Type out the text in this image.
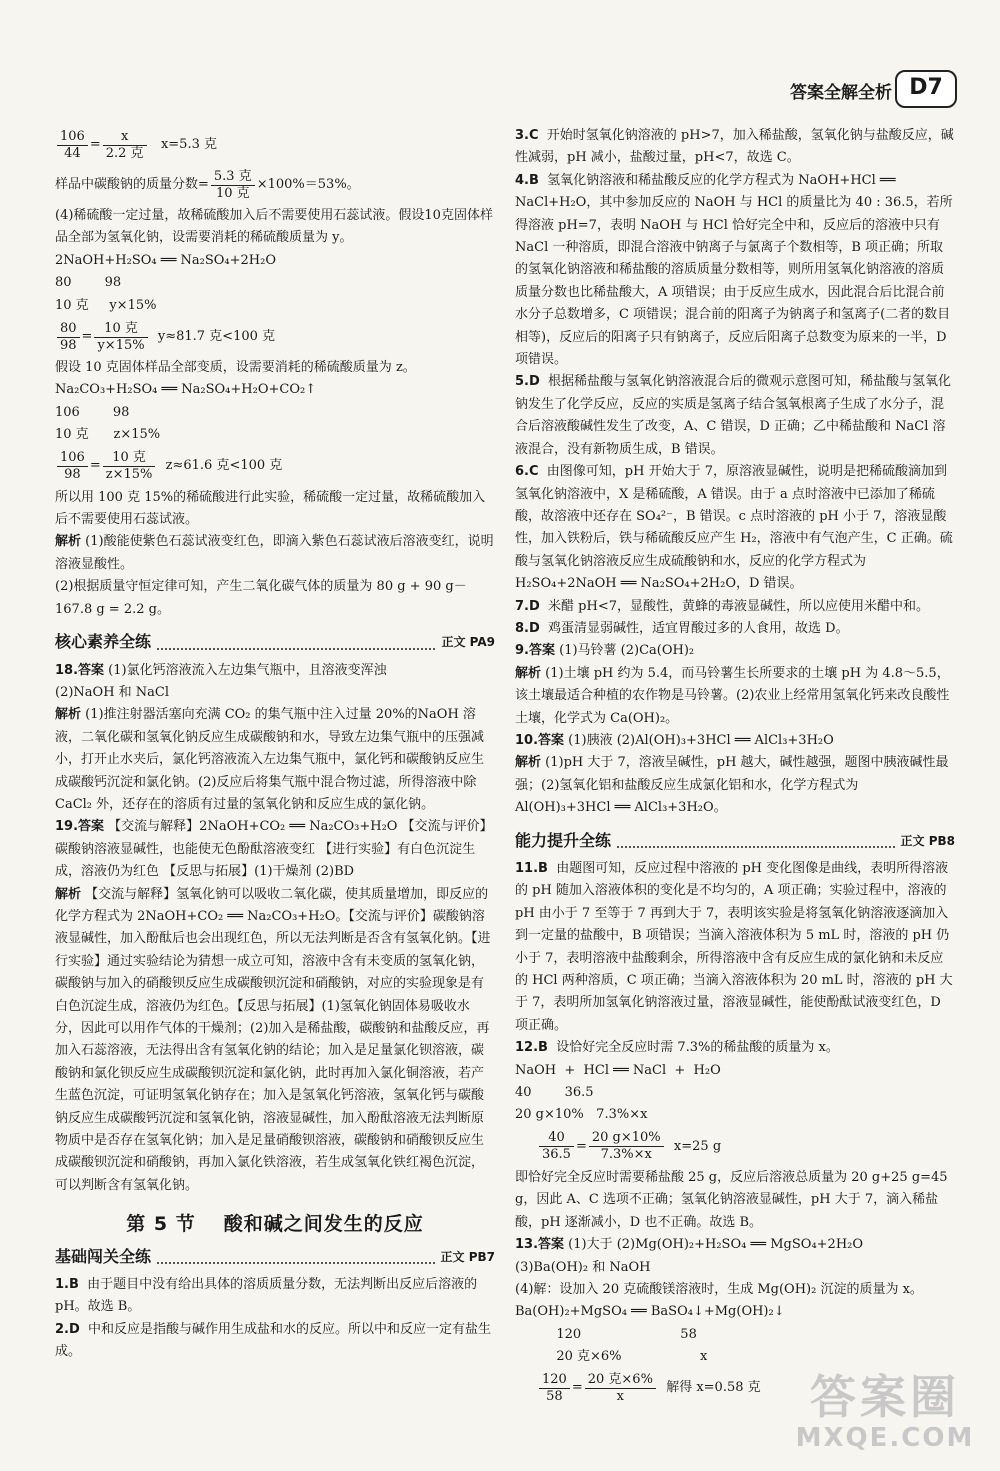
答案全解全析 D7
$\frac{106}{44} = \frac{x}{\text{2.2 克}}$
x=5.3 克
样品中碳酸钠的质量分数= $\frac{\text{5.3 克}}{\text{10 克}} \times 100\%=53\%$。

(4)稀硫酸一定过量，故稀硫酸加入后不需要使用石蕊试液。假设10克固体样品全部为氢氧化钠，设需要消耗的稀硫酸质量为 y。

2NaOH+H₂SO₄ ══ Na₂SO₄+2H₂O

80        98

10 克     y×15%

$\frac{80}{98} = \frac{\text{10 克}}{y\times 15\%}$
y≈81.7 克<100 克

假设 10 克固体样品全部变质，设需要消耗的稀硫酸质量为 z。

Na₂CO₃+H₂SO₄ ══ Na₂SO₄+H₂O+CO₂↑

106        98

10 克      z×15%

$\frac{106}{98} = \frac{\text{10 克}}{z\times 15\%}$
z≈61.6 克<100 克

所以用 100 克 15%的稀硫酸进行此实验，稀硫酸一定过量，故稀硫酸加入后不需要使用石蕊试液。

解析 (1)酸能使紫色石蕊试液变红色，即滴入紫色石蕊试液后溶液变红，说明溶液显酸性。

(2)根据质量守恒定律可知，产生二氧化碳气体的质量为 80 g + 90 g－167.8 g = 2.2 g。

核心素养全练	正文 PA9

18.答案 (1)氯化钙溶液流入左边集气瓶中，且溶液变浑浊

(2)NaOH 和 NaCl

解析 (1)推注射器活塞向充满 CO₂ 的集气瓶中注入过量 20%的NaOH 溶液，二氧化碳和氢氧化钠反应生成碳酸钠和水，导致左边集气瓶中的压强减小，打开止水夹后，氯化钙溶液流入左边集气瓶中，氯化钙和碳酸钠反应生成碳酸钙沉淀和氯化钠。(2)反应后将集气瓶中混合物过滤，所得溶液中除 CaCl₂ 外，还存在的溶质有过量的氢氧化钠和反应生成的氯化钠。

19.答案 【交流与解释】2NaOH+CO₂ ══ Na₂CO₃+H₂O 【交流与评价】碳酸钠溶液显碱性，也能使无色酚酞溶液变红 【进行实验】有白色沉淀生成，溶液仍为红色 【反思与拓展】(1)干燥剂 (2)BD

解析 【交流与解释】氢氧化钠可以吸收二氧化碳，使其质量增加，即反应的化学方程式为 2NaOH+CO₂ ══ Na₂CO₃+H₂O。【交流与评价】碳酸钠溶液显碱性，加入酚酞后也会出现红色，所以无法判断是否含有氢氧化钠。【进行实验】通过实验结论为猜想一成立可知，溶液中含有未变质的氢氧化钠，碳酸钠与加入的硝酸钡反应生成碳酸钡沉淀和硝酸钠，对应的实验现象是有白色沉淀生成，溶液仍为红色。【反思与拓展】(1)氢氧化钠固体易吸收水分，因此可以用作气体的干燥剂；(2)加入是稀盐酸，碳酸钠和盐酸反应，再加入石蕊溶液，无法得出含有氢氧化钠的结论；加入是足量氯化钡溶液，碳酸钠和氯化钡反应生成碳酸钡沉淀和氯化钠，此时再加入氯化铜溶液，若产生蓝色沉淀，可证明氢氧化钠存在；加入是氢氧化钙溶液，氢氧化钙与碳酸钠反应生成碳酸钙沉淀和氢氧化钠，溶液显碱性，加入酚酞溶液无法判断原物质中是否存在氢氧化钠；加入是足量硝酸钡溶液，碳酸钠和硝酸钡反应生成碳酸钡沉淀和硝酸钠，再加入氯化铁溶液，若生成氢氧化铁红褐色沉淀，可以判断含有氢氧化钠。

第 5 节 酸和碱之间发生的反应
基础闯关全练	正文 PB7

1.B 由于题目中没有给出具体的溶质质量分数，无法判断出反应后溶液的 pH。故选 B。

2.D 中和反应是指酸与碱作用生成盐和水的反应。所以中和反应一定有盐生成。

3.C 开始时氢氧化钠溶液的 pH>7，加入稀盐酸，氢氧化钠与盐酸反应，碱性减弱，pH 减小，盐酸过量，pH<7，故选 C。

4.B 氢氧化钠溶液和稀盐酸反应的化学方程式为 NaOH+HCl ══ NaCl+H₂O，其中参加反应的 NaOH 与 HCl 的质量比为 40 : 36.5，若所得溶液 pH=7，表明 NaOH 与 HCl 恰好完全中和，反应后的溶液中只有 NaCl 一种溶质，即混合溶液中钠离子与氯离子个数相等，B 项正确；所取的氢氧化钠溶液和稀盐酸的溶质质量分数相等，则所用氢氧化钠溶液的溶质质量分数也比稀盐酸大，A 项错误；由于反应生成水，因此混合后比混合前水分子总数增多，C 项错误；混合前的阳离子为钠离子和氢离子(二者的数目相等)，反应后的阳离子只有钠离子，反应后阳离子总数变为原来的一半，D 项错误。

5.D 根据稀盐酸与氢氧化钠溶液混合后的微观示意图可知，稀盐酸与氢氧化钠发生了化学反应，反应的实质是氢离子结合氢氧根离子生成了水分子，混合后溶液酸碱性发生了改变，A、C 错误，D 正确；乙中稀盐酸和 NaCl 溶液混合，没有新物质生成，B 错误。

6.C 由图像可知，pH 开始大于 7，原溶液显碱性，说明是把稀硫酸滴加到氢氧化钠溶液中，X 是稀硫酸，A 错误。由于 a 点时溶液中已添加了稀硫酸，故溶液中还存在 SO₄²⁻，B 错误。c 点时溶液的 pH 小于 7，溶液显酸性，加入铁粉后，铁与稀硫酸反应产生 H₂，溶液中有气泡产生，C 正确。硫酸与氢氧化钠溶液反应生成硫酸钠和水，反应的化学方程式为 H₂SO₄+2NaOH ══ Na₂SO₄+2H₂O，D 错误。

7.D 米醋 pH<7，显酸性，黄蜂的毒液显碱性，所以应使用米醋中和。

8.D 鸡蛋清显弱碱性，适宜胃酸过多的人食用，故选 D。

9.答案 (1)马铃薯 (2)Ca(OH)₂

解析 (1)土壤 pH 约为 5.4，而马铃薯生长所要求的土壤 pH 为 4.8～5.5，该土壤最适合种植的农作物是马铃薯。(2)农业上经常用氢氧化钙来改良酸性土壤，化学式为 Ca(OH)₂。

10.答案 (1)胰液 (2)Al(OH)₃+3HCl ══ AlCl₃+3H₂O

解析 (1)pH 大于 7，溶液呈碱性，pH 越大，碱性越强，题图中胰液碱性最强；(2)氢氧化铝和盐酸反应生成氯化铝和水，化学方程式为 Al(OH)₃+3HCl ══ AlCl₃+3H₂O。

能力提升全练	正文 PB8

11.B 由题图可知，反应过程中溶液的 pH 变化图像是曲线，表明所得溶液的 pH 随加入溶液体积的变化是不均匀的，A 项正确；实验过程中，溶液的 pH 由小于 7 至等于 7 再到大于 7，表明该实验是将氢氧化钠溶液逐滴加入到一定量的盐酸中，B 项错误；当滴入溶液体积为 5 mL 时，溶液的 pH 仍小于 7，表明溶液中盐酸剩余，所得溶液中含有反应生成的氯化钠和未反应的 HCl 两种溶质，C 项正确；当滴入溶液体积为 20 mL 时，溶液的 pH 大于 7，表明所加氢氧化钠溶液过量，溶液显碱性，能使酚酞试液变红色，D 项正确。

12.B 设恰好完全反应时需 7.3%的稀盐酸的质量为 x。

NaOH  +  HCl ══ NaCl  +  H₂O

40        36.5

20 g×10%   7.3%×x

$\frac{40}{36.5} = \frac{20 g\times 10\%}{7.3\%\times x}$
x=25 g

即恰好完全反应时需要稀盐酸 25 g，反应后溶液总质量为 20 g+25 g=45 g，因此 A、C 选项不正确；氢氧化钠溶液显碱性，pH 大于 7，滴入稀盐酸，pH 逐渐减小，D 也不正确。故选 B。

13.答案 (1)大于 (2)Mg(OH)₂+H₂SO₄ ══ MgSO₄+2H₂O

(3)Ba(OH)₂ 和 NaOH

(4)解：设加入 20 克硫酸镁溶液时，生成 Mg(OH)₂ 沉淀的质量为 x。

Ba(OH)₂+MgSO₄ ══ BaSO₄↓+Mg(OH)₂↓

120                        58

20 克×6%                   x

$\frac{120}{58} = \frac{\text{20 克×6\%}}{x}$
解得 x=0.58 克	答案圈
MXQE.COM
